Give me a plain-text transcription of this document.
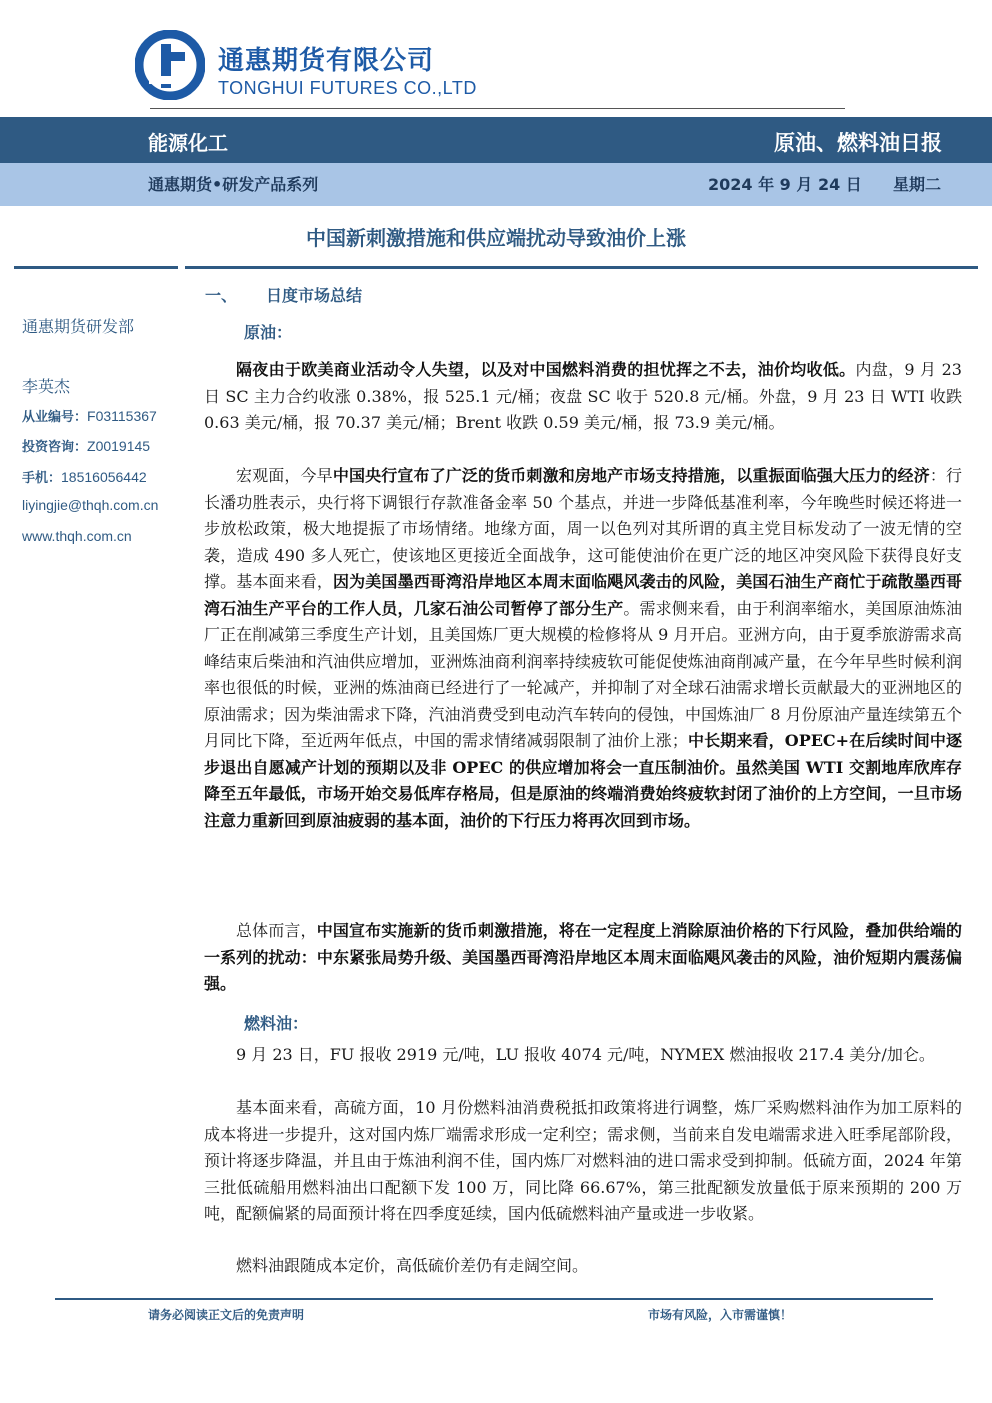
通惠期货有限公司
TONGHUI FUTURES CO.,LTD
能源化工	原油、燃料油日报
通惠期货•研发产品系列	2024 年 9 月 24 日 星期二
中国新刺激措施和供应端扰动导致油价上涨
通惠期货研发部
李英杰
从业编号：F03115367
投资咨询：Z0019145
手机：18516056442
liyingjie@thqh.com.cn
www.thqh.com.cn
一、 日度市场总结
原油：
隔夜由于欧美商业活动令人失望，以及对中国燃料消费的担忧挥之不去，油价均收低。内盘，9 月 23 日 SC 主力合约收涨 0.38%，报 525.1 元/桶；夜盘 SC 收于 520.8 元/桶。外盘，9 月 23 日 WTI 收跌 0.63 美元/桶，报 70.37 美元/桶；Brent 收跌 0.59 美元/桶，报 73.9 美元/桶。
宏观面，今早中国央行宣布了广泛的货币刺激和房地产市场支持措施，以重振面临强大压力的经济：行长潘功胜表示，央行将下调银行存款准备金率 50 个基点，并进一步降低基准利率，今年晚些时候还将进一步放松政策，极大地提振了市场情绪。地缘方面，周一以色列对其所谓的真主党目标发动了一波无情的空袭，造成 490 多人死亡，使该地区更接近全面战争，这可能使油价在更广泛的地区冲突风险下获得良好支撑。基本面来看，因为美国墨西哥湾沿岸地区本周末面临飓风袭击的风险，美国石油生产商忙于疏散墨西哥湾石油生产平台的工作人员，几家石油公司暂停了部分生产。需求侧来看，由于利润率缩水，美国原油炼油厂正在削减第三季度生产计划，且美国炼厂更大规模的检修将从 9 月开启。亚洲方向，由于夏季旅游需求高峰结束后柴油和汽油供应增加，亚洲炼油商利润率持续疲软可能促使炼油商削减产量，在今年早些时候利润率也很低的时候，亚洲的炼油商已经进行了一轮减产，并抑制了对全球石油需求增长贡献最大的亚洲地区的原油需求；因为柴油需求下降，汽油消费受到电动汽车转向的侵蚀，中国炼油厂 8 月份原油产量连续第五个月同比下降，至近两年低点，中国的需求情绪减弱限制了油价上涨；中长期来看，OPEC+在后续时间中逐步退出自愿减产计划的预期以及非 OPEC 的供应增加将会一直压制油价。虽然美国 WTI 交割地库欣库存降至五年最低，市场开始交易低库存格局，但是原油的终端消费始终疲软封闭了油价的上方空间，一旦市场注意力重新回到原油疲弱的基本面，油价的下行压力将再次回到市场。
总体而言，中国宣布实施新的货币刺激措施，将在一定程度上消除原油价格的下行风险，叠加供给端的一系列的扰动：中东紧张局势升级、美国墨西哥湾沿岸地区本周末面临飓风袭击的风险，油价短期内震荡偏强。
燃料油：
9 月 23 日，FU 报收 2919 元/吨，LU 报收 4074 元/吨，NYMEX 燃油报收 217.4 美分/加仑。
基本面来看，高硫方面，10 月份燃料油消费税抵扣政策将进行调整，炼厂采购燃料油作为加工原料的成本将进一步提升，这对国内炼厂端需求形成一定利空；需求侧，当前来自发电端需求进入旺季尾部阶段，预计将逐步降温，并且由于炼油利润不佳，国内炼厂对燃料油的进口需求受到抑制。低硫方面，2024 年第三批低硫船用燃料油出口配额下发 100 万，同比降 66.67%，第三批配额发放量低于原来预期的 200 万吨，配额偏紧的局面预计将在四季度延续，国内低硫燃料油产量或进一步收紧。
燃料油跟随成本定价，高低硫价差仍有走阔空间。
请务必阅读正文后的免责声明	市场有风险，入市需谨慎！
